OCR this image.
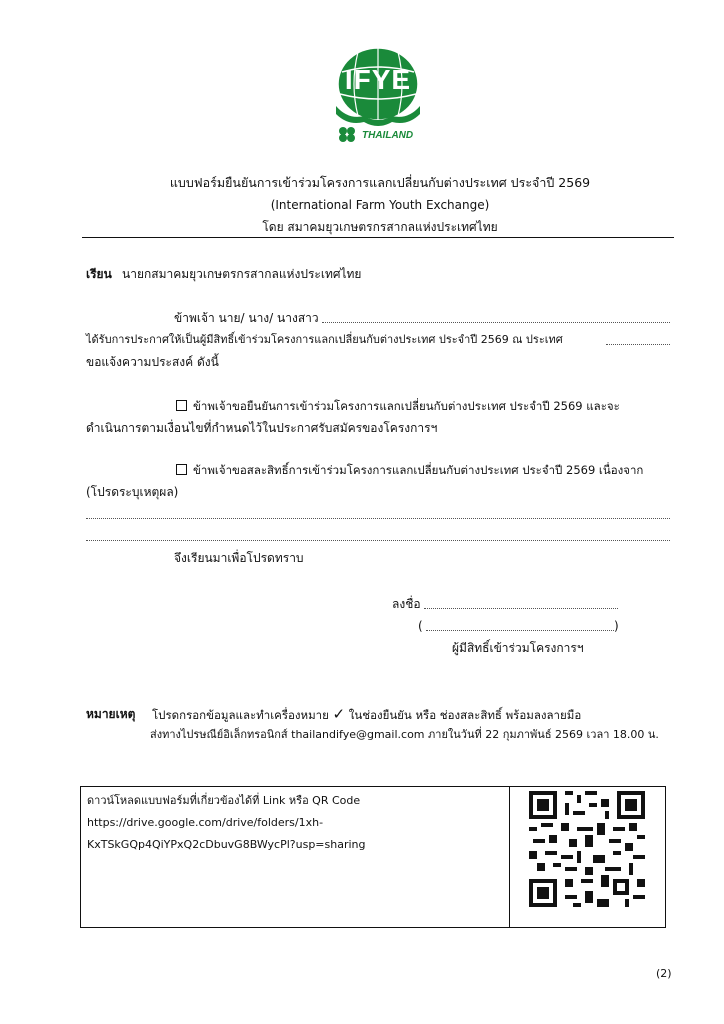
IFYE
THAILAND
แบบฟอร์มยืนยันการเข้าร่วมโครงการแลกเปลี่ยนกับต่างประเทศ ประจำปี 2569
(International Farm Youth Exchange)
โดย สมาคมยุวเกษตรกรสากลแห่งประเทศไทย
เรียน นายกสมาคมยุวเกษตรกรสากลแห่งประเทศไทย
ข้าพเจ้า นาย/ นาง/ นางสาว
ได้รับการประกาศให้เป็นผู้มีสิทธิ์เข้าร่วมโครงการแลกเปลี่ยนกับต่างประเทศ ประจำปี 2569 ณ ประเทศ
ขอแจ้งความประสงค์ ดังนี้
ข้าพเจ้าขอยืนยันการเข้าร่วมโครงการแลกเปลี่ยนกับต่างประเทศ ประจำปี 2569 และจะ
ดำเนินการตามเงื่อนไขที่กำหนดไว้ในประกาศรับสมัครของโครงการฯ
ข้าพเจ้าขอสละสิทธิ์การเข้าร่วมโครงการแลกเปลี่ยนกับต่างประเทศ ประจำปี 2569 เนื่องจาก
(โปรดระบุเหตุผล)
จึงเรียนมาเพื่อโปรดทราบ
ลงชื่อ
(	)
ผู้มีสิทธิ์เข้าร่วมโครงการฯ
หมายเหตุ โปรดกรอกข้อมูลและทำเครื่องหมาย ✓ ในช่องยืนยัน หรือ ช่องสละสิทธิ์ พร้อมลงลายมือ
ส่งทางไปรษณีย์อิเล็กทรอนิกส์ thailandifye@gmail.com ภายในวันที่ 22 กุมภาพันธ์ 2569 เวลา 18.00 น.
ดาวน์โหลดแบบฟอร์มที่เกี่ยวข้องได้ที่ Link หรือ QR Code
https://drive.google.com/drive/folders/1xh-
KxTSkGQp4QiYPxQ2cDbuvG8BWycPl?usp=sharing
(2)
